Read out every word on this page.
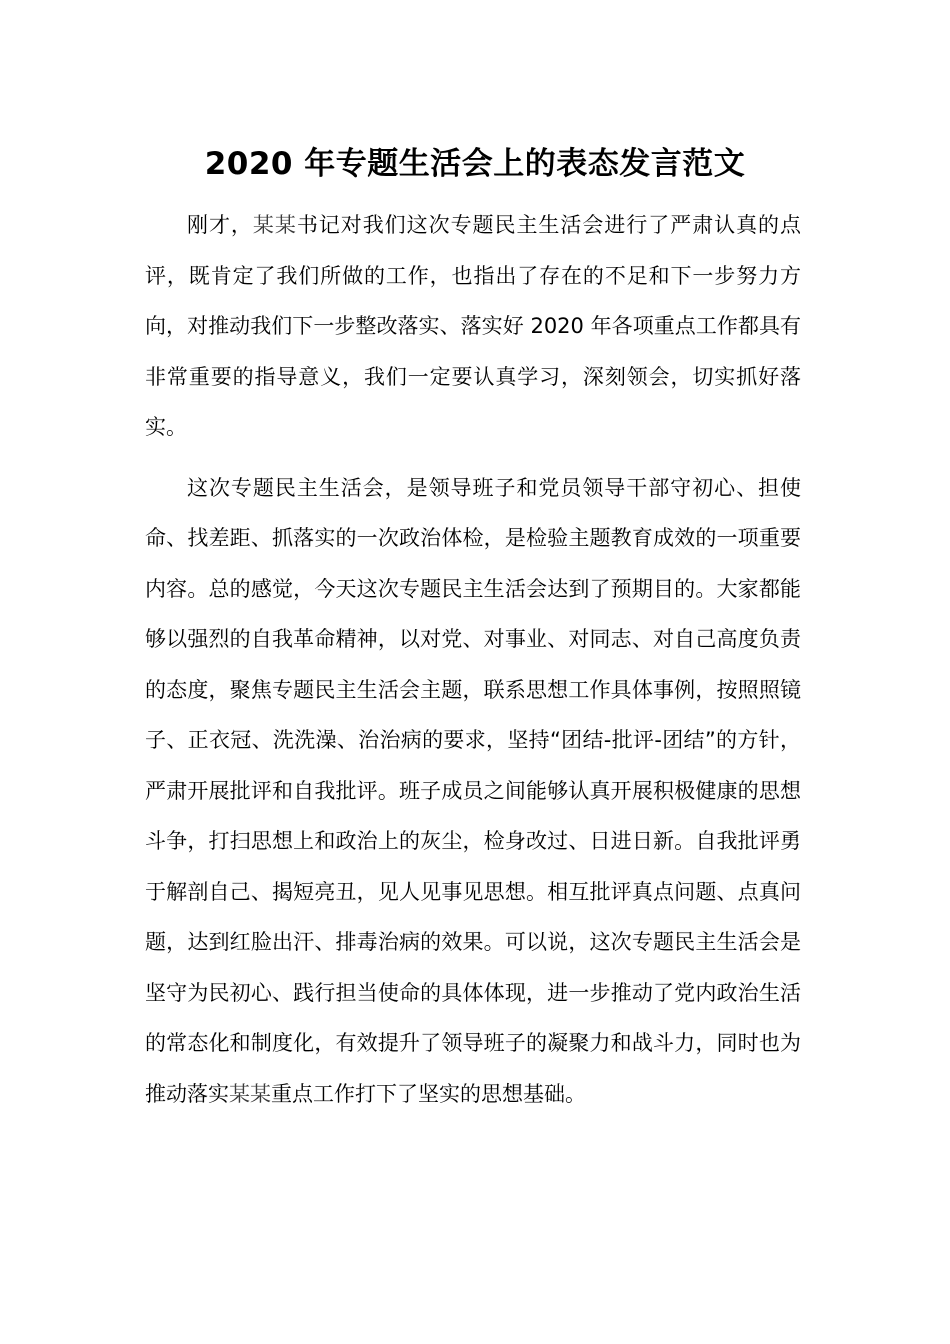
2020 年专题生活会上的表态发言范文

刚才，某某书记对我们这次专题民主生活会进行了严肃认真的点评，既肯定了我们所做的工作，也指出了存在的不足和下一步努力方向，对推动我们下一步整改落实、落实好 2020 年各项重点工作都具有非常重要的指导意义，我们一定要认真学习，深刻领会，切实抓好落实。

这次专题民主生活会，是领导班子和党员领导干部守初心、担使命、找差距、抓落实的一次政治体检，是检验主题教育成效的一项重要内容。总的感觉，今天这次专题民主生活会达到了预期目的。大家都能够以强烈的自我革命精神，以对党、对事业、对同志、对自己高度负责的态度，聚焦专题民主生活会主题，联系思想工作具体事例，按照照镜子、正衣冠、洗洗澡、治治病的要求，坚持“团结-批评-团结”的方针，严肃开展批评和自我批评。班子成员之间能够认真开展积极健康的思想斗争，打扫思想上和政治上的灰尘，检身改过、日进日新。自我批评勇于解剖自己、揭短亮丑，见人见事见思想。相互批评真点问题、点真问题，达到红脸出汗、排毒治病的效果。可以说，这次专题民主生活会是坚守为民初心、践行担当使命的具体体现，进一步推动了党内政治生活的常态化和制度化，有效提升了领导班子的凝聚力和战斗力，同时也为推动落实某某重点工作打下了坚实的思想基础。
